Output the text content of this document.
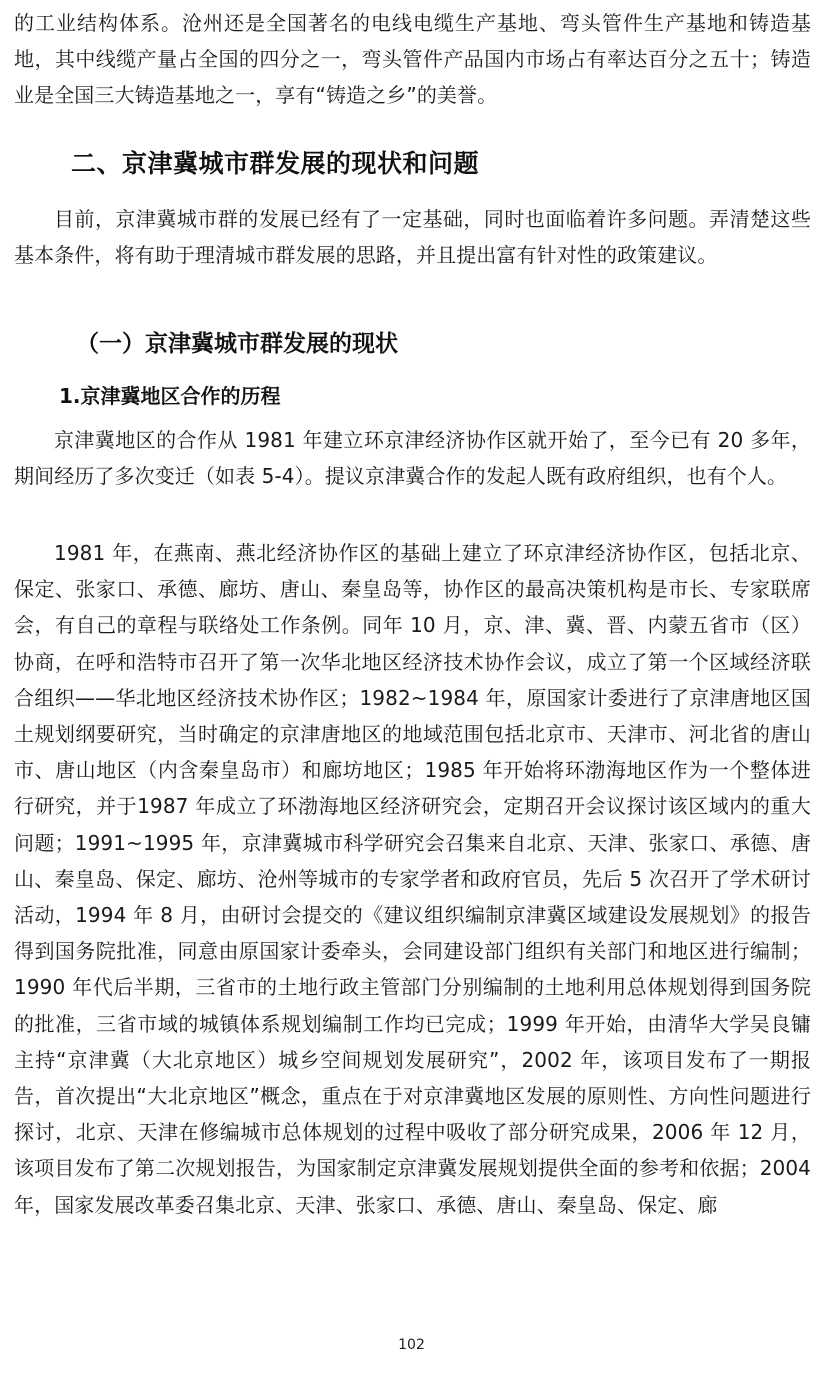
的工业结构体系。沧州还是全国著名的电线电缆生产基地、弯头管件生产基地和铸造基地，其中线缆产量占全国的四分之一，弯头管件产品国内市场占有率达百分之五十；铸造业是全国三大铸造基地之一，享有“铸造之乡”的美誉。

二、京津冀城市群发展的现状和问题

目前，京津冀城市群的发展已经有了一定基础，同时也面临着许多问题。弄清楚这些基本条件，将有助于理清城市群发展的思路，并且提出富有针对性的政策建议。

（一）京津冀城市群发展的现状
1.京津冀地区合作的历程

京津冀地区的合作从 1981 年建立环京津经济协作区就开始了，至今已有 20 多年，期间经历了多次变迁（如表 5-4）。提议京津冀合作的发起人既有政府组织，也有个人。

1981 年，在燕南、燕北经济协作区的基础上建立了环京津经济协作区，包括北京、保定、张家口、承德、廊坊、唐山、秦皇岛等，协作区的最高决策机构是市长、专家联席会，有自己的章程与联络处工作条例。同年 10 月，京、津、冀、晋、内蒙五省市（区）协商，在呼和浩特市召开了第一次华北地区经济技术协作会议，成立了第一个区域经济联合组织——华北地区经济技术协作区；1982~1984 年，原国家计委进行了京津唐地区国土规划纲要研究，当时确定的京津唐地区的地域范围包括北京市、天津市、河北省的唐山市、唐山地区（内含秦皇岛市）和廊坊地区；1985 年开始将环渤海地区作为一个整体进行研究，并于1987 年成立了环渤海地区经济研究会，定期召开会议探讨该区域内的重大问题；1991~1995 年，京津冀城市科学研究会召集来自北京、天津、张家口、承德、唐山、秦皇岛、保定、廊坊、沧州等城市的专家学者和政府官员，先后 5 次召开了学术研讨活动，1994 年 8 月，由研讨会提交的《建议组织编制京津冀区域建设发展规划》的报告得到国务院批准，同意由原国家计委牵头，会同建设部门组织有关部门和地区进行编制；1990 年代后半期，三省市的土地行政主管部门分别编制的土地利用总体规划得到国务院的批准，三省市域的城镇体系规划编制工作均已完成；1999 年开始，由清华大学吴良镛主持“京津冀（大北京地区）城乡空间规划发展研究”，2002 年，该项目发布了一期报告，首次提出“大北京地区”概念，重点在于对京津冀地区发展的原则性、方向性问题进行探讨，北京、天津在修编城市总体规划的过程中吸收了部分研究成果，2006 年 12 月，该项目发布了第二次规划报告，为国家制定京津冀发展规划提供全面的参考和依据；2004 年，国家发展改革委召集北京、天津、张家口、承德、唐山、秦皇岛、保定、廊

102
